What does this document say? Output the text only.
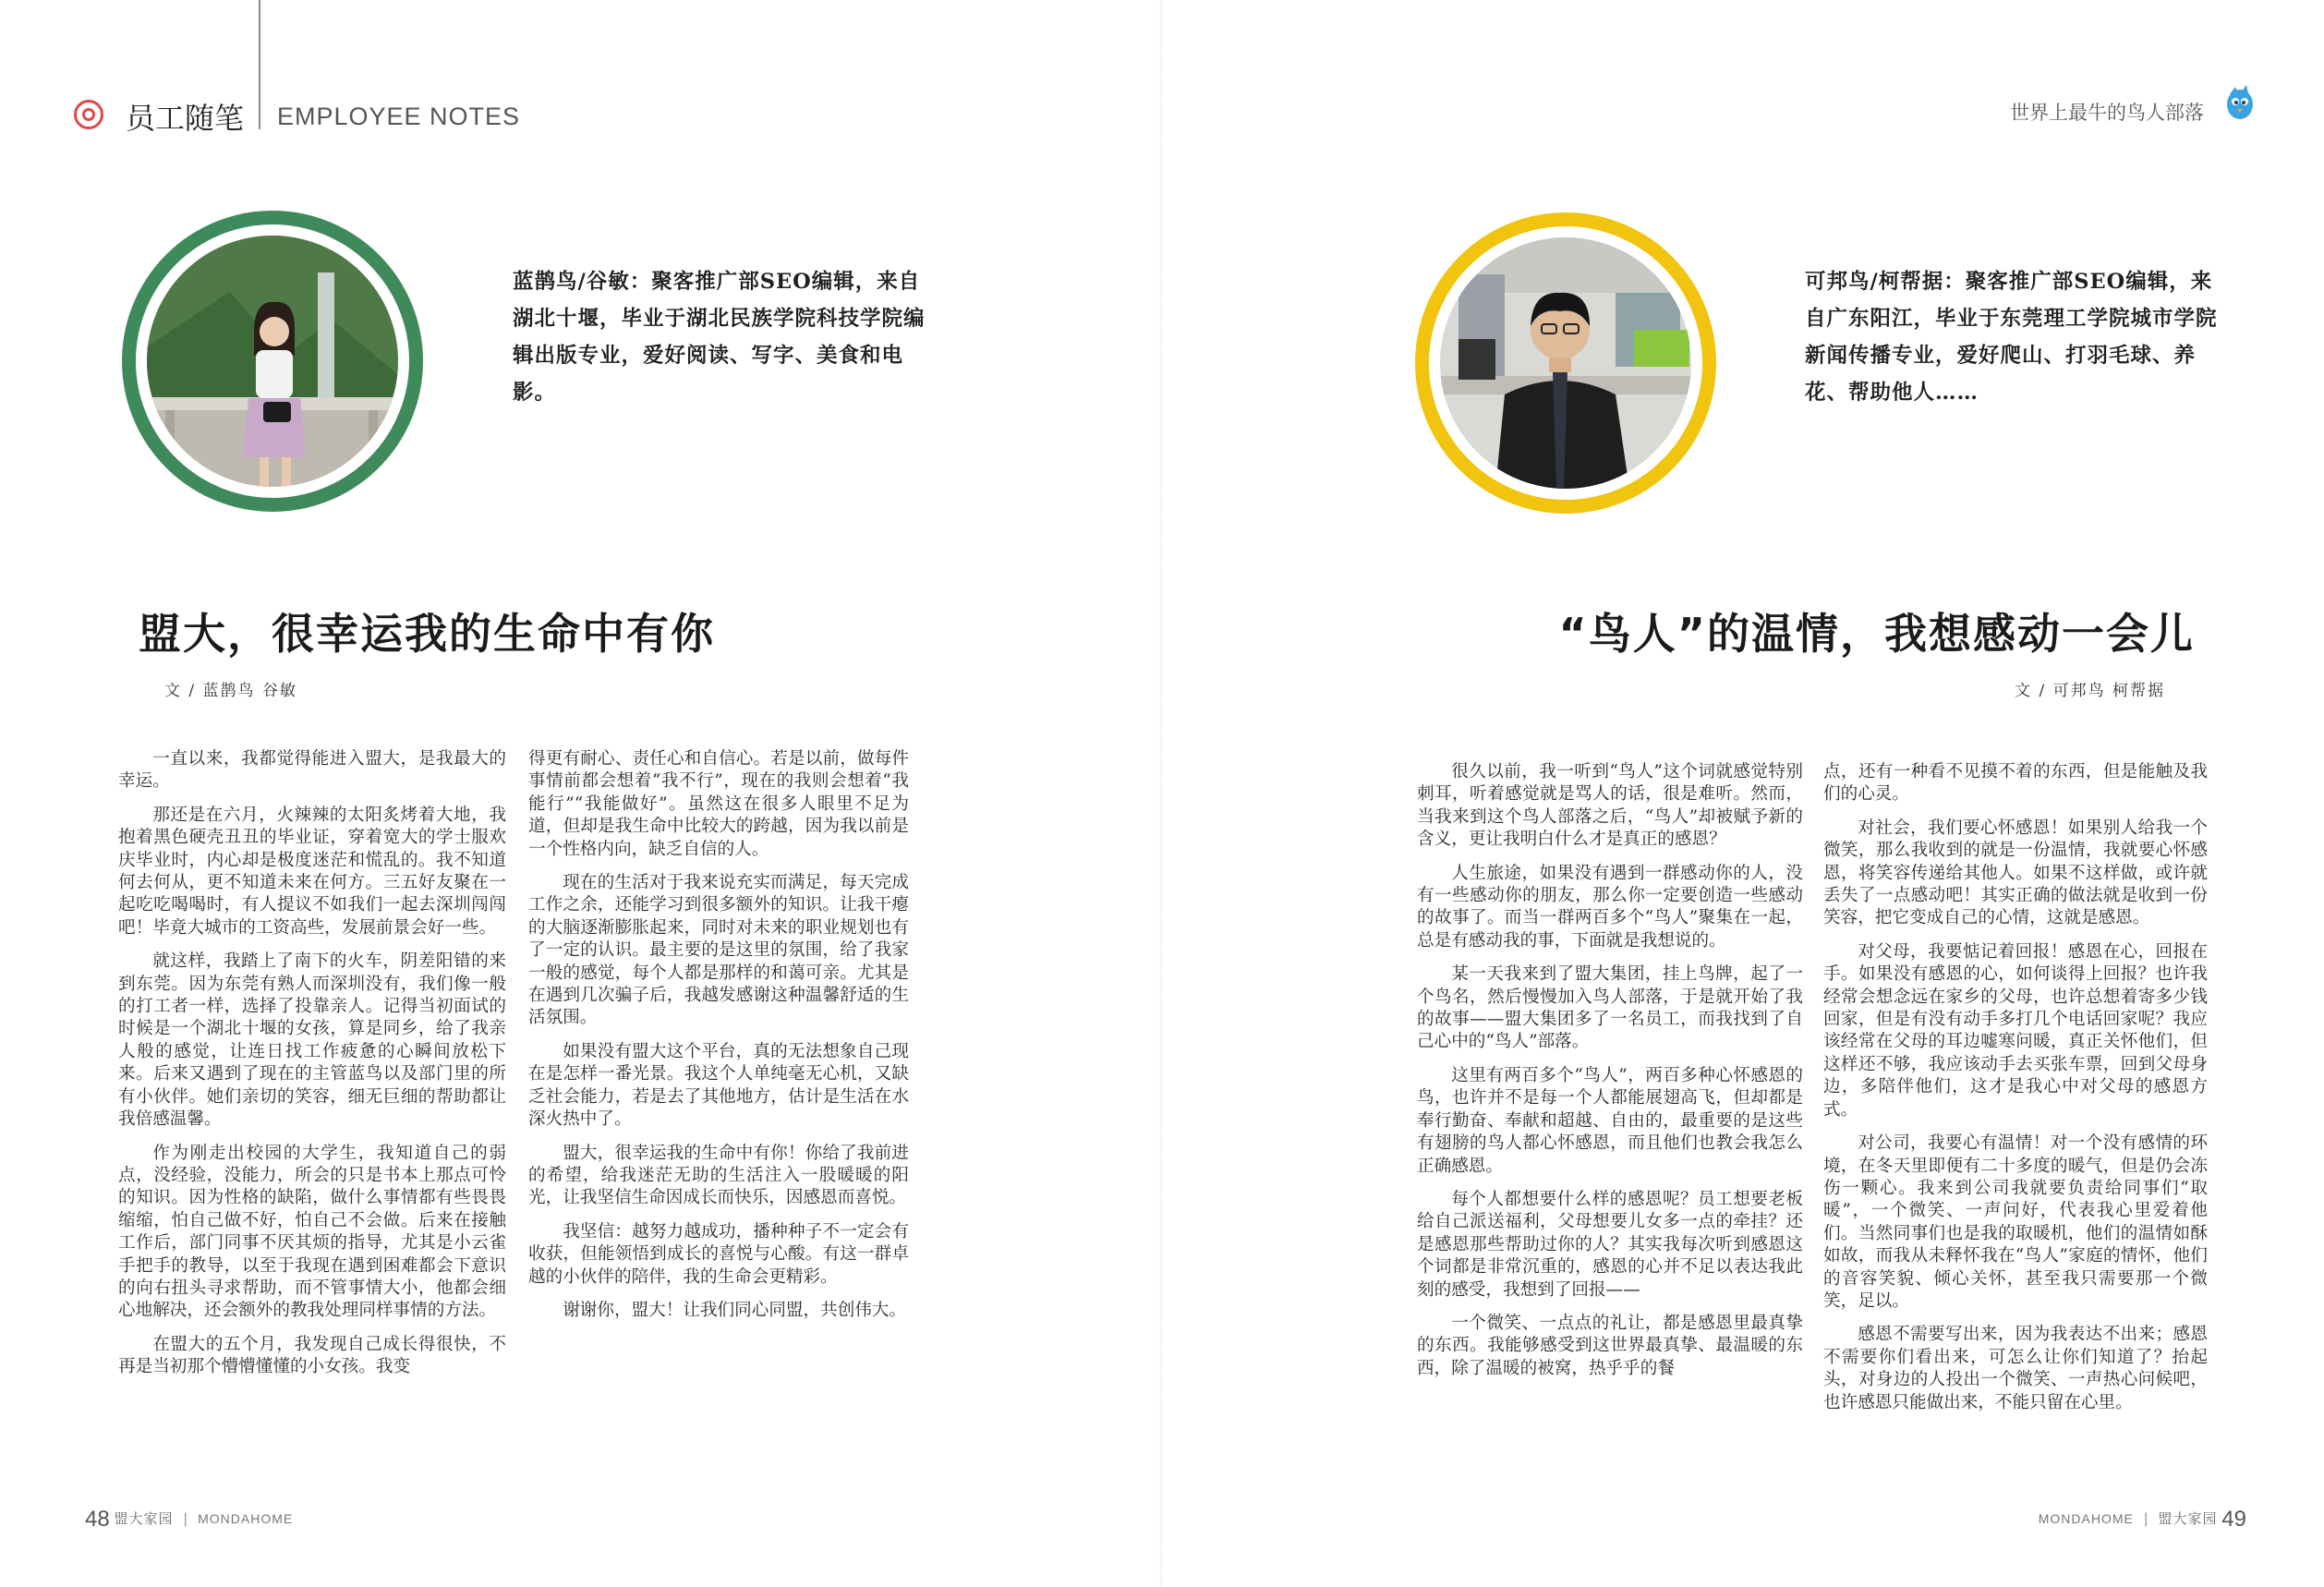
员工随笔 EMPLOYEE NOTES
蓝鹊鸟/谷敏：聚客推广部SEO编辑，来自湖北十堰，毕业于湖北民族学院科技学院编辑出版专业，爱好阅读、写字、美食和电影。
盟大，很幸运我的生命中有你
文 / 蓝鹊鸟 谷敏

一直以来，我都觉得能进入盟大，是我最大的幸运。

那还是在六月，火辣辣的太阳炙烤着大地，我抱着黑色硬壳丑丑的毕业证，穿着宽大的学士服欢庆毕业时，内心却是极度迷茫和慌乱的。我不知道何去何从，更不知道未来在何方。三五好友聚在一起吃吃喝喝时，有人提议不如我们一起去深圳闯闯吧！毕竟大城市的工资高些，发展前景会好一些。

就这样，我踏上了南下的火车，阴差阳错的来到东莞。因为东莞有熟人而深圳没有，我们像一般的打工者一样，选择了投靠亲人。记得当初面试的时候是一个湖北十堰的女孩，算是同乡，给了我亲人般的感觉，让连日找工作疲惫的心瞬间放松下来。后来又遇到了现在的主管蓝鸟以及部门里的所有小伙伴。她们亲切的笑容，细无巨细的帮助都让我倍感温馨。

作为刚走出校园的大学生，我知道自己的弱点，没经验，没能力，所会的只是书本上那点可怜的知识。因为性格的缺陷，做什么事情都有些畏畏缩缩，怕自己做不好，怕自己不会做。后来在接触工作后，部门同事不厌其烦的指导，尤其是小云雀手把手的教导，以至于我现在遇到困难都会下意识的向右扭头寻求帮助，而不管事情大小，他都会细心地解决，还会额外的教我处理同样事情的方法。

在盟大的五个月，我发现自己成长得很快，不再是当初那个懵懵懂懂的小女孩。我变

得更有耐心、责任心和自信心。若是以前，做每件事情前都会想着“我不行”，现在的我则会想着“我能行”“我能做好”。虽然这在很多人眼里不足为道，但却是我生命中比较大的跨越，因为我以前是一个性格内向，缺乏自信的人。

现在的生活对于我来说充实而满足，每天完成工作之余，还能学习到很多额外的知识。让我干瘪的大脑逐渐膨胀起来，同时对未来的职业规划也有了一定的认识。最主要的是这里的氛围，给了我家一般的感觉，每个人都是那样的和蔼可亲。尤其是在遇到几次骗子后，我越发感谢这种温馨舒适的生活氛围。

如果没有盟大这个平台，真的无法想象自己现在是怎样一番光景。我这个人单纯毫无心机，又缺乏社会能力，若是去了其他地方，估计是生活在水深火热中了。

盟大，很幸运我的生命中有你！你给了我前进的希望，给我迷茫无助的生活注入一股暖暖的阳光，让我坚信生命因成长而快乐，因感恩而喜悦。

我坚信：越努力越成功，播种种子不一定会有收获，但能领悟到成长的喜悦与心酸。有这一群卓越的小伙伴的陪伴，我的生命会更精彩。

谢谢你，盟大！让我们同心同盟，共创伟大。

48 盟大家园 | MONDAHOME
世界上最牛的鸟人部落
可邦鸟/柯帮据：聚客推广部SEO编辑，来自广东阳江，毕业于东莞理工学院城市学院新闻传播专业，爱好爬山、打羽毛球、养花、帮助他人……
“鸟人”的温情，我想感动一会儿
文 / 可邦鸟 柯帮据

很久以前，我一听到“鸟人”这个词就感觉特别刺耳，听着感觉就是骂人的话，很是难听。然而，当我来到这个鸟人部落之后，“鸟人”却被赋予新的含义，更让我明白什么才是真正的感恩？

人生旅途，如果没有遇到一群感动你的人，没有一些感动你的朋友，那么你一定要创造一些感动的故事了。而当一群两百多个“鸟人”聚集在一起，总是有感动我的事，下面就是我想说的。

某一天我来到了盟大集团，挂上鸟牌，起了一个鸟名，然后慢慢加入鸟人部落，于是就开始了我的故事——盟大集团多了一名员工，而我找到了自己心中的“鸟人”部落。

这里有两百多个“鸟人”，两百多种心怀感恩的鸟，也许并不是每一个人都能展翅高飞，但却都是奉行勤奋、奉献和超越、自由的，最重要的是这些有翅膀的鸟人都心怀感恩，而且他们也教会我怎么正确感恩。

每个人都想要什么样的感恩呢？员工想要老板给自己派送福利，父母想要儿女多一点的牵挂？还是感恩那些帮助过你的人？其实我每次听到感恩这个词都是非常沉重的，感恩的心并不足以表达我此刻的感受，我想到了回报——

一个微笑、一点点的礼让，都是感恩里最真挚的东西。我能够感受到这世界最真挚、最温暖的东西，除了温暖的被窝，热乎乎的餐

点，还有一种看不见摸不着的东西，但是能触及我们的心灵。

对社会，我们要心怀感恩！如果别人给我一个微笑，那么我收到的就是一份温情，我就要心怀感恩，将笑容传递给其他人。如果不这样做，或许就丢失了一点感动吧！其实正确的做法就是收到一份笑容，把它变成自己的心情，这就是感恩。

对父母，我要惦记着回报！感恩在心，回报在手。如果没有感恩的心，如何谈得上回报？也许我经常会想念远在家乡的父母，也许总想着寄多少钱回家，但是有没有动手多打几个电话回家呢？我应该经常在父母的耳边嘘寒问暖，真正关怀他们，但这样还不够，我应该动手去买张车票，回到父母身边，多陪伴他们，这才是我心中对父母的感恩方式。

对公司，我要心有温情！对一个没有感情的环境，在冬天里即便有二十多度的暖气，但是仍会冻伤一颗心。我来到公司我就要负责给同事们“取暖”，一个微笑、一声问好，代表我心里爱着他们。当然同事们也是我的取暖机，他们的温情如酥如故，而我从未释怀我在“鸟人”家庭的情怀，他们的音容笑貌、倾心关怀，甚至我只需要那一个微笑，足以。

感恩不需要写出来，因为我表达不出来；感恩不需要你们看出来，可怎么让你们知道了？抬起头，对身边的人投出一个微笑、一声热心问候吧，也许感恩只能做出来，不能只留在心里。

MONDAHOME | 盟大家园 49
